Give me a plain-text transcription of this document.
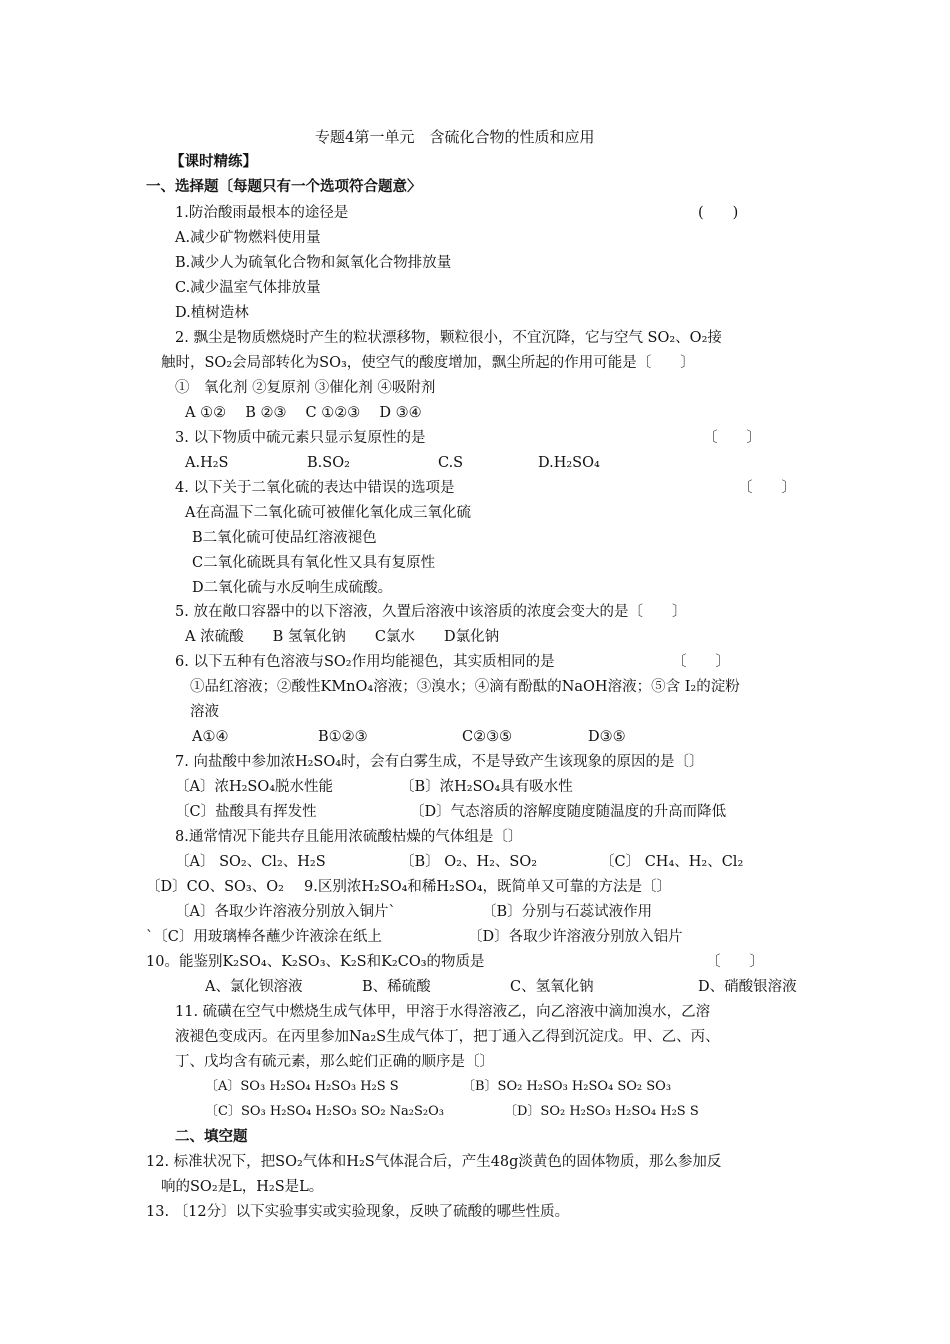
专题4第一单元　含硫化合物的性质和应用
【课时精练】
一、选择题〔每题只有一个选项符合题意〉
1.防治酸雨最根本的途径是	(　　)
A.减少矿物燃料使用量
B.减少人为硫氧化合物和氮氧化合物排放量
C.减少温室气体排放量
D.植树造林
2. 飘尘是物质燃烧时产生的粒状漂移物，颗粒很小，不宜沉降，它与空气 SO₂、O₂接
触时，SO₂会局部转化为SO₃，使空气的酸度增加，飘尘所起的作用可能是〔　　〕
①　氧化剂 ②复原剂 ③催化剂 ④吸附剂
A ①②　 B ②③　 C ①②③　 D ③④
3. 以下物质中硫元素只显示复原性的是	〔　　〕
A.H₂S	B.SO₂	C.S	D.H₂SO₄
4. 以下关于二氧化硫的表达中错误的选项是	〔　　〕
A在高温下二氧化硫可被催化氧化成三氧化硫
B二氧化硫可使品红溶液褪色
C二氧化硫既具有氧化性又具有复原性
D二氧化硫与水反响生成硫酸。
5. 放在敞口容器中的以下溶液，久置后溶液中该溶质的浓度会变大的是〔　　〕
A 浓硫酸　　B 氢氧化钠　　C氯水　　D氯化钠
6. 以下五种有色溶液与SO₂作用均能褪色，其实质相同的是	〔　　〕
①品红溶液；②酸性KMnO₄溶液；③溴水；④滴有酚酞的NaOH溶液；⑤含 I₂的淀粉
溶液
A①④	B①②③	C②③⑤	D③⑤
7. 向盐酸中参加浓H₂SO₄时，会有白雾生成，不是导致产生该现象的原因的是〔〕
〔A〕浓H₂SO₄脱水性能	〔B〕浓H₂SO₄具有吸水性
〔C〕盐酸具有挥发性	〔D〕气态溶质的溶解度随度随温度的升高而降低
8.通常情况下能共存且能用浓硫酸枯燥的气体组是〔〕
〔A〕 SO₂、Cl₂、H₂S	〔B〕 O₂、H₂、SO₂	〔C〕 CH₄、H₂、Cl₂
〔D〕CO、SO₃、O₂ 9.区别浓H₂SO₄和稀H₂SO₄，既简单又可靠的方法是〔〕
〔A〕各取少许溶液分别放入铜片`	〔B〕分别与石蕊试液作用
`〔C〕用玻璃棒各蘸少许液涂在纸上	〔D〕各取少许溶液分别放入铝片
10。能鉴别K₂SO₄、K₂SO₃、K₂S和K₂CO₃的物质是	〔　　〕
A、氯化钡溶液	B、稀硫酸	C、氢氧化钠	D、硝酸银溶液
11. 硫磺在空气中燃烧生成气体甲，甲溶于水得溶液乙，向乙溶液中滴加溴水，乙溶
液褪色变成丙。在丙里参加Na₂S生成气体丁，把丁通入乙得到沉淀戊。甲、乙、丙、
丁、戊均含有硫元素，那么蛇们正确的顺序是〔〕
〔A〕SO₃ H₂SO₄ H₂SO₃ H₂S S	〔B〕SO₂ H₂SO₃ H₂SO₄ SO₂ SO₃
〔C〕SO₃ H₂SO₄ H₂SO₃ SO₂ Na₂S₂O₃	〔D〕SO₂ H₂SO₃ H₂SO₄ H₂S S
二、填空题
12. 标准状况下，把SO₂气体和H₂S气体混合后，产生48g淡黄色的固体物质，那么参加反
响的SO₂是L，H₂S是L。
13. 〔12分〕以下实验事实或实验现象，反映了硫酸的哪些性质。
